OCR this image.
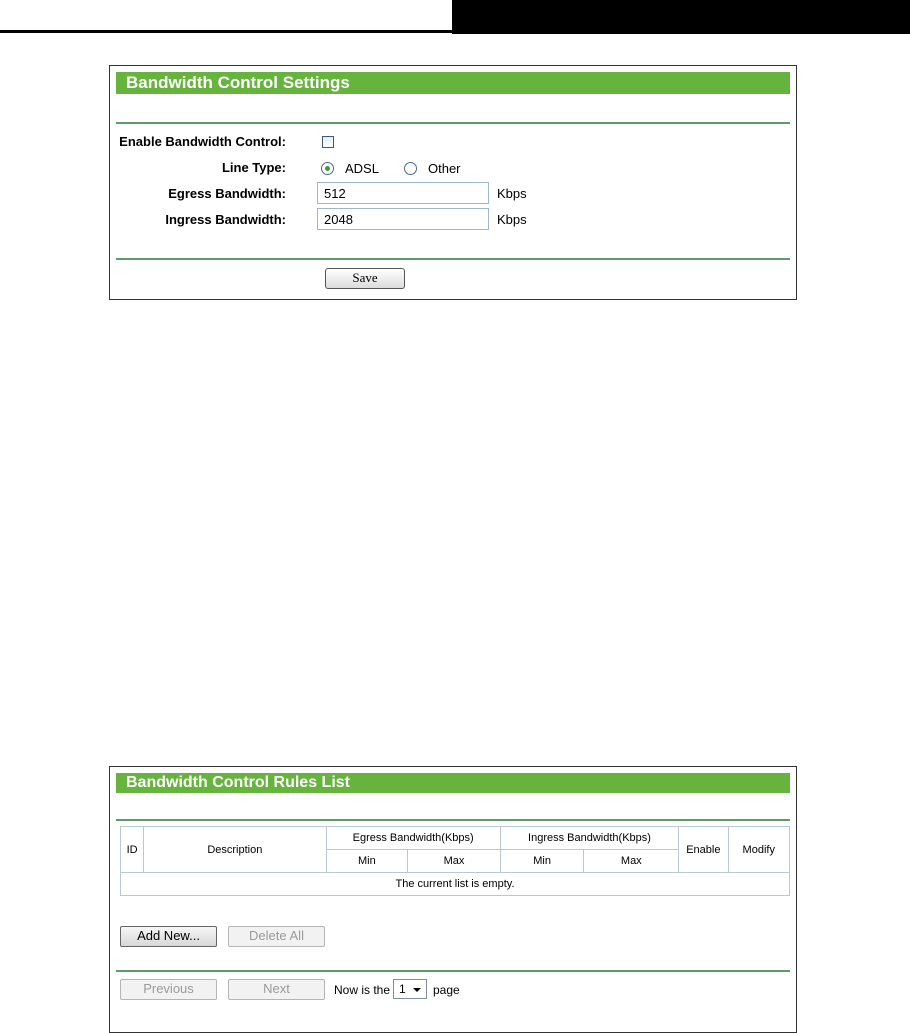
Bandwidth Control Settings
Enable Bandwidth Control:
Line Type:	ADSL	Other
Egress Bandwidth:
512	Kbps
Ingress Bandwidth:
2048	Kbps
Save
Bandwidth Control Rules List
ID	Description	Egress Bandwidth(Kbps)		Ingress Bandwidth(Kbps)		Enable	Modify
		Min	Max	Min	Max		
The current list is empty.							
Add New...	Delete All
Previous	Next	Now is the 1 page
